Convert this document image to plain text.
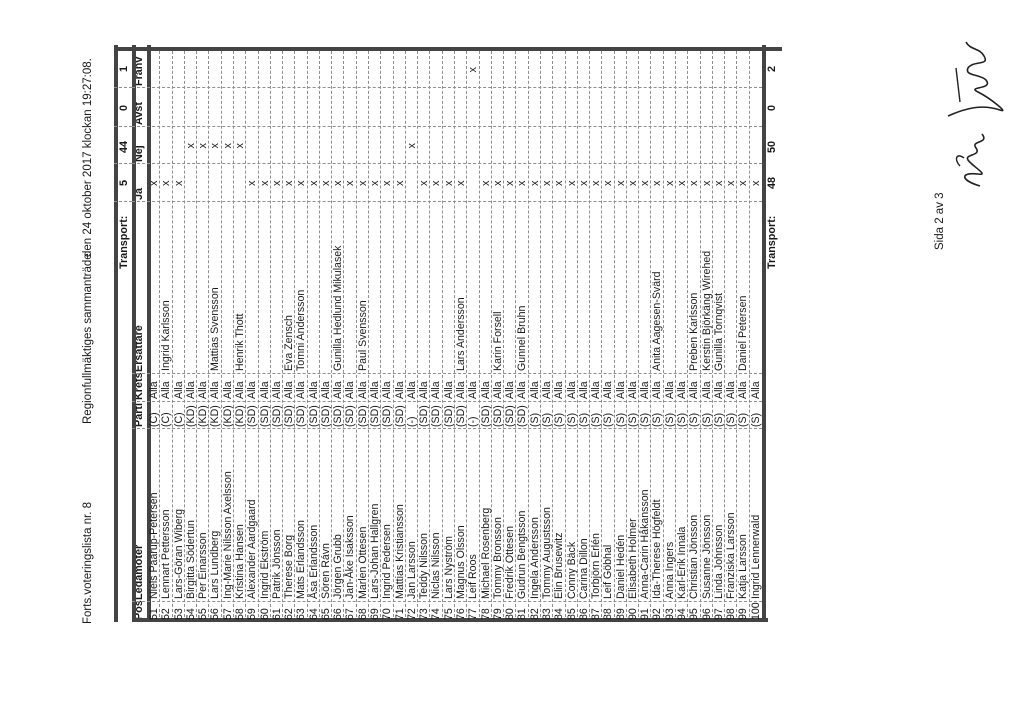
Forts.voteringslista nr. 8
Regionfullmäktiges sammanträde
den 24 oktober 2017 klockan 19:27:08. Transport:
5
44
0
1
Pos
Ledamöter
Parti
Krets
Ersättare
Ja
Nej
Avst
Frånv
51
Niels Paarup-Petersen
(C)
Alla
x
52
Lennart Pettersson
(C)
Alla
Ingrid Karlsson
x
53
Lars-Göran Wiberg
(C)
Alla
x
54
Birgitta Södertun
(KD)
Alla
x
55
Per Einarsson
(KD)
Alla
x
56
Lars Lundberg
(KD)
Alla
Mattias Svensson
x
57
Ing-Marie Nilsson Axelsson
(KD)
Alla
x
58
Kristina Hansen
(KD)
Alla
Henrik Thott
x
59
Alexander Aardgaard
(SD)
Alla
x
60
Ingrid Ekström
(SD)
Alla
x
61
Patrik Jönsson
(SD)
Alla
x
62
Therese Borg
(SD)
Alla
Eva Zensch
x
63
Mats Erlandsson
(SD)
Alla
Tomni Andersson
x
64
Åsa Erlandsson
(SD)
Alla
x
65
Sören Rávn
(SD)
Alla
x
66
Jörgen Grubb
(SD)
Alla
Gunilla Hedlund Mikulasek
x
67
Jan-Åke Isaksson
(SD)
Alla
x
68
Marlen Ottesen
(SD)
Alla
Paul Svensson
x
69
Lars-Johan Hallgren
(SD)
Alla
x
70
Ingrid Pedersen
(SD)
Alla
x
71
Mattias Kristiansson
(SD)
Alla
x
72
Jan Larsson
(-)
Alla
x
73
Teddy Nilsson
(SD)
Alla
x
74
Niclas Nilsson
(SD)
Alla
x
75
Lars Nyström
(SD)
Alla
x
76
Magnus Olsson
(SD)
Alla
Lars Andersson
x
77
Leif Roos
(-)
Alla
x
78
Michael Rosenberg
(SD)
Alla
x
79
Tommy Bronsson
(SD)
Alla
Karin Forsell
x
80
Fredrik Ottesen
(SD)
Alla
x
81
Gudrun Bengtsson
(SD)
Alla
Gunnel Bruhn
x
82
Ingela Andersson
(S)
Alla
x
83
Tommy Augustsson
(S)
Alla
x
84
Elin Brusewitz
(S)
Alla
x
85
Conny Bäck
(S)
Alla
x
86
Carina Dillon
(S)
Alla
x
87
Torbjörn Erlén
(S)
Alla
x
88
Leif Göbhal
(S)
Alla
x
89
Daniel Hedén
(S)
Alla
x
90
Elisabeth Holmer
(S)
Alla
x
91
Anna-Carin Håkansson
(S)
Alla
x
92
Ida-Therese Högfeldt
(S)
Alla
Anita Aagesen-Svärd
x
93
Anna Ingers
(S)
Alla
x
94
Karl-Erik Innala
(S)
Alla
x
95
Christian Jönsson
(S)
Alla
Preben Karlsson
x
96
Susanne Jönsson
(S)
Alla
Kerstin Björkäng Wirehed
x
97
Linda Johnsson
(S)
Alla
Gunilla Tornqvist
x
98
Franziska Larsson
(S)
Alla
x
99
Katja Larsson
(S)
Alla
Daniel Petersen
x
100
Ingrid Lennerwald
(S)
Alla
x
Transport:
48
50
0
2
Sida 2 av 3
